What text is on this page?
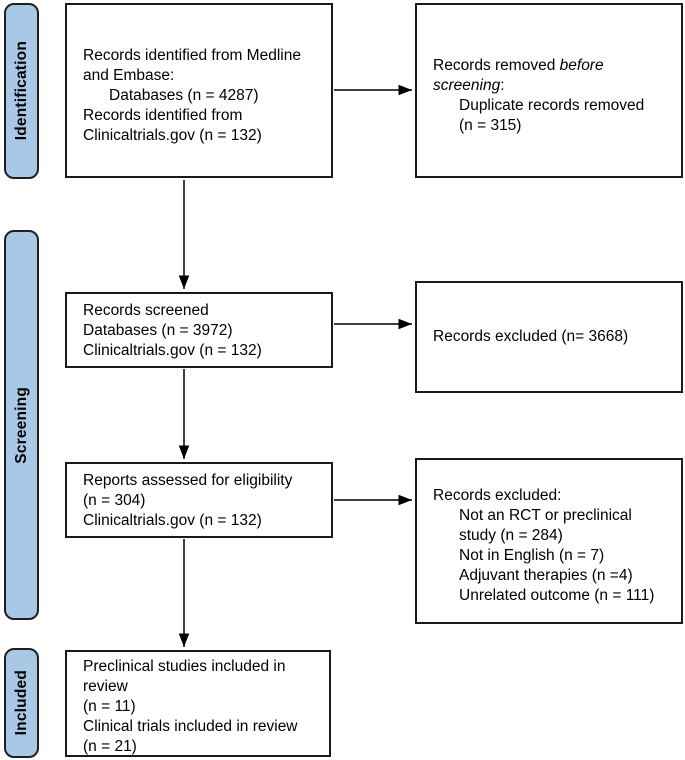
Identification
Screening
Included
Records identified from Medline
and Embase:
Databases (n = 4287)
Records identified from
Clinicaltrials.gov (n = 132)
Records removed before
screening:
Duplicate records removed
(n = 315)
Records screened
Databases (n = 3972)
Clinicaltrials.gov (n = 132)
Records excluded (n= 3668)
Reports assessed for eligibility
(n = 304)
Clinicaltrials.gov (n = 132)
Records excluded:
Not an RCT or preclinical
study (n = 284)
Not in English (n = 7)
Adjuvant therapies (n =4)
Unrelated outcome (n = 111)
Preclinical studies included in
review
(n = 11)
Clinical trials included in review
(n = 21)
